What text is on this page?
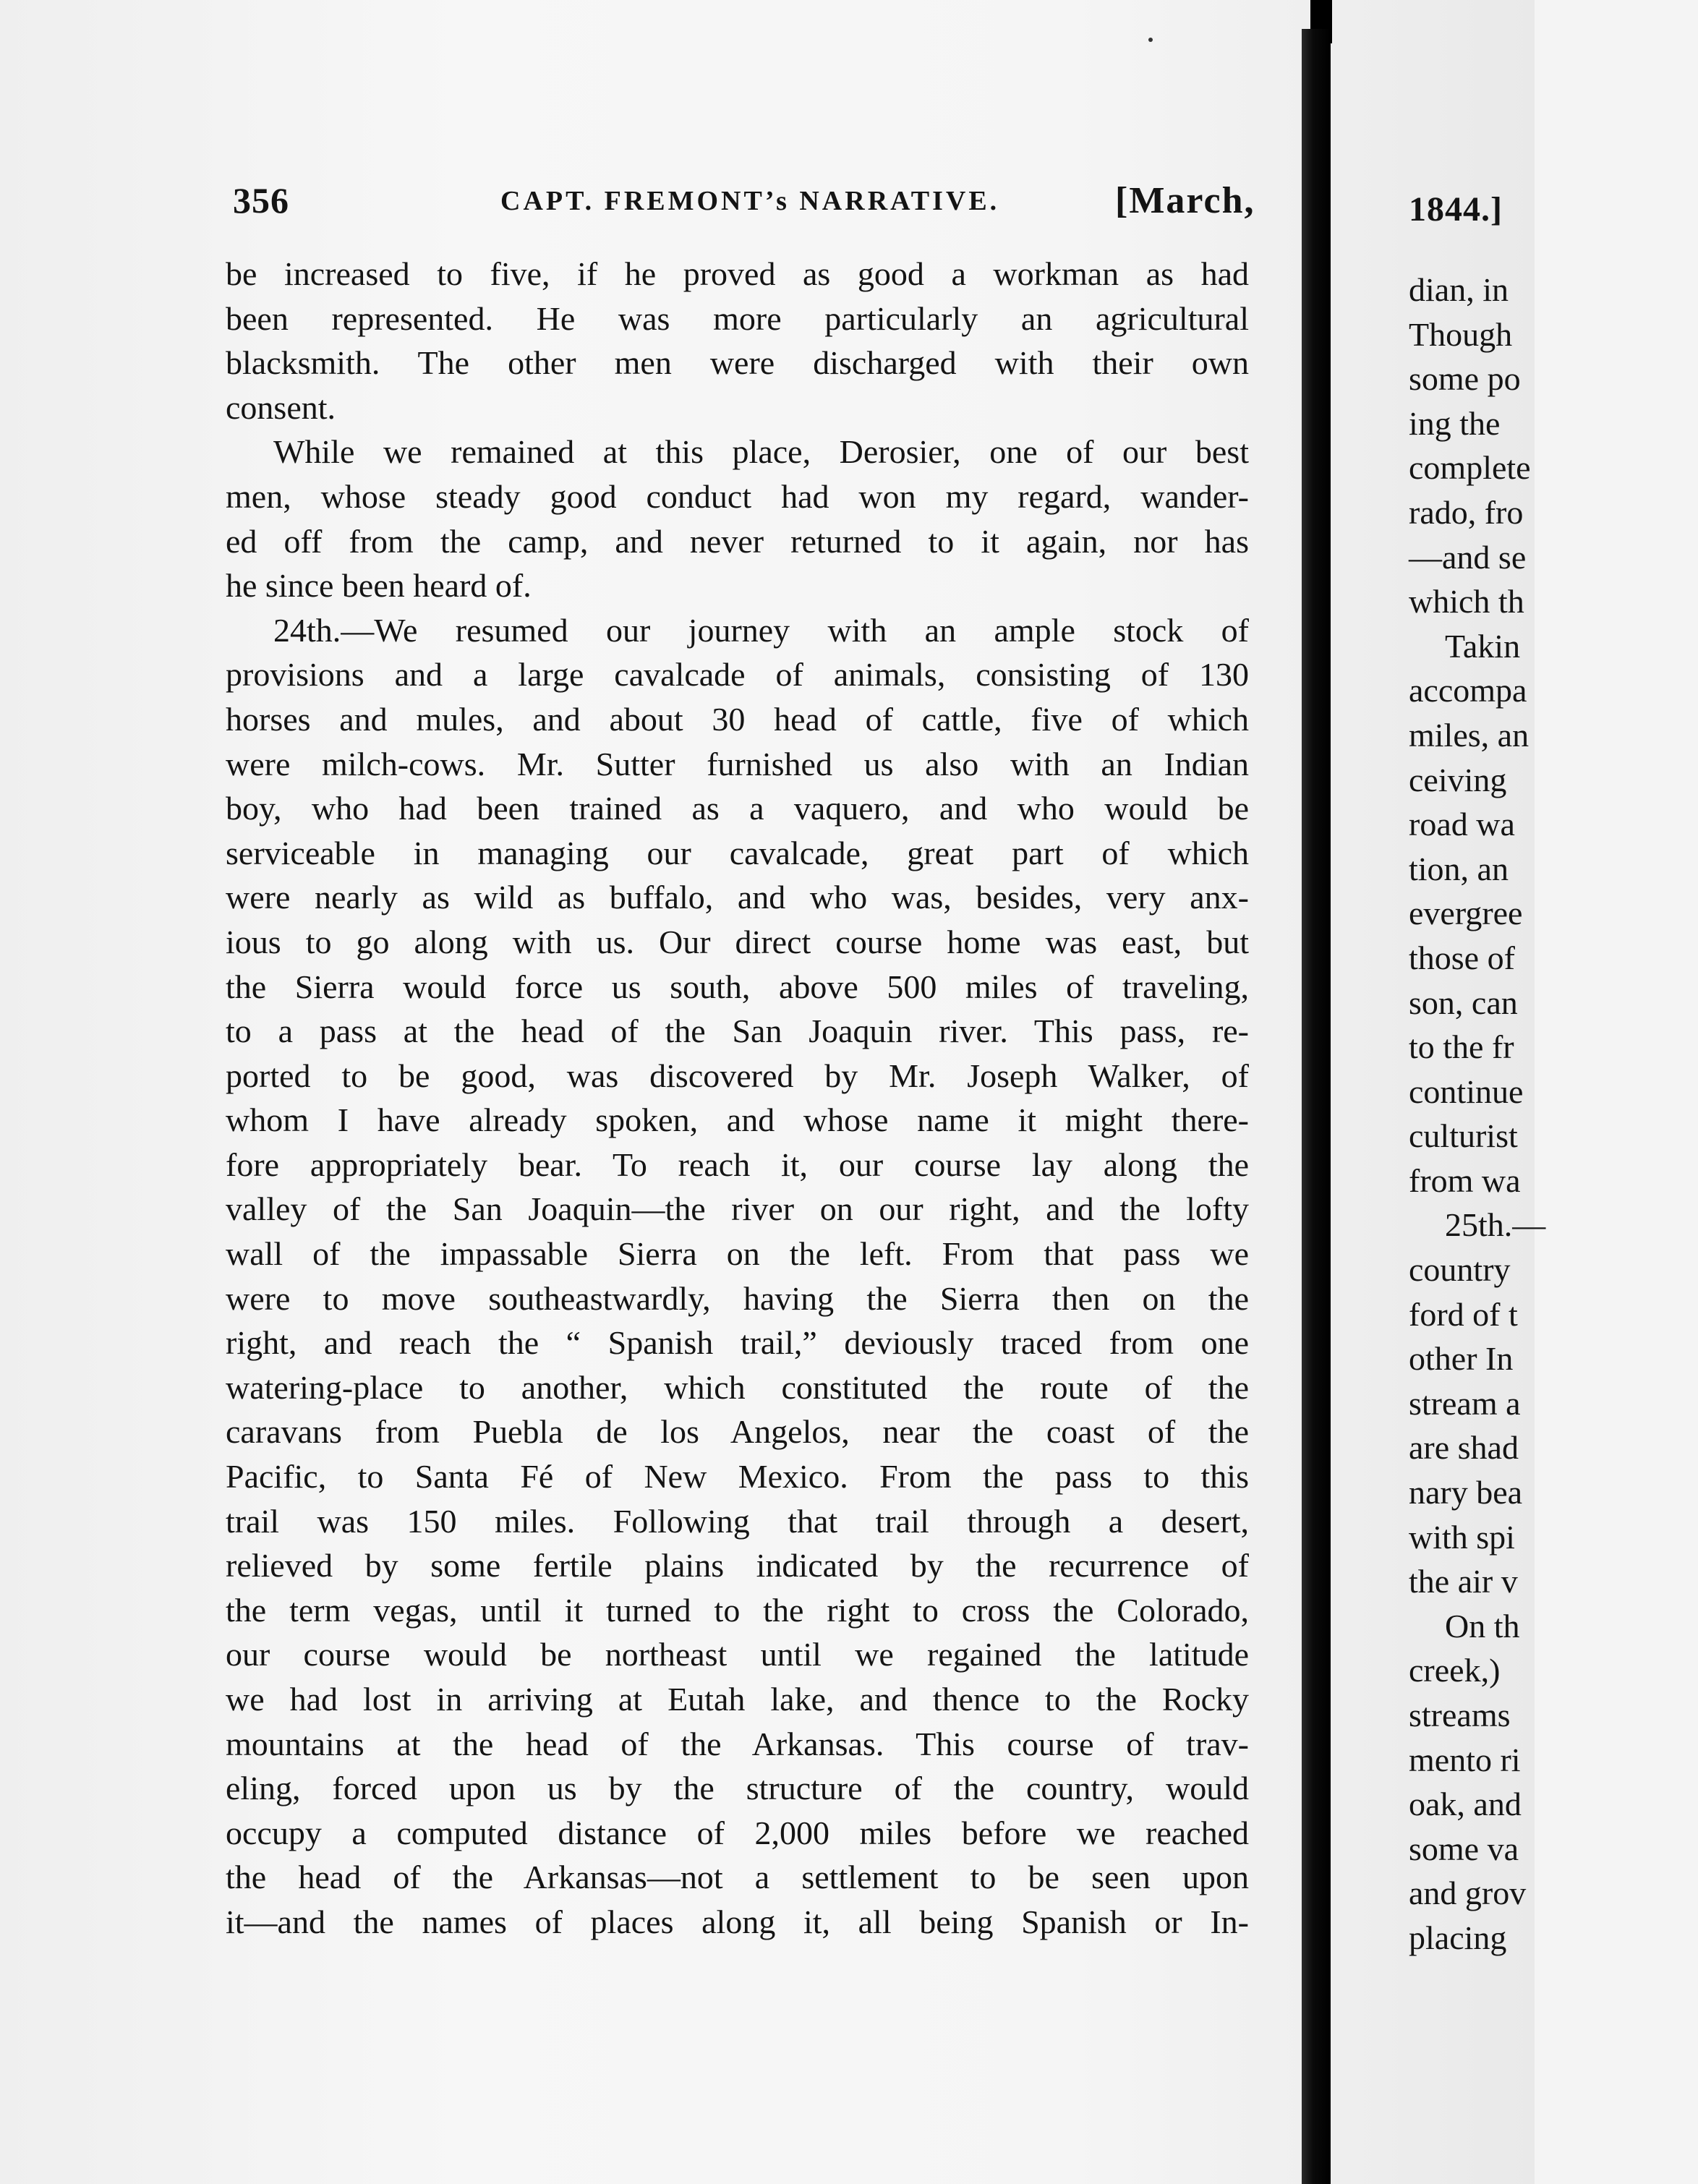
356	CAPT. FREMONT’s NARRATIVE.	[March,
be increased to five, if he proved as good a workman as had
been represented. He was more particularly an agricultural
blacksmith. The other men were discharged with their own
consent.
While we remained at this place, Derosier, one of our best
men, whose steady good conduct had won my regard, wander-
ed off from the camp, and never returned to it again, nor has
he since been heard of.
24th.—We resumed our journey with an ample stock of
provisions and a large cavalcade of animals, consisting of 130
horses and mules, and about 30 head of cattle, five of which
were milch-cows. Mr. Sutter furnished us also with an Indian
boy, who had been trained as a vaquero, and who would be
serviceable in managing our cavalcade, great part of which
were nearly as wild as buffalo, and who was, besides, very anx-
ious to go along with us. Our direct course home was east, but
the Sierra would force us south, above 500 miles of traveling,
to a pass at the head of the San Joaquin river. This pass, re-
ported to be good, was discovered by Mr. Joseph Walker, of
whom I have already spoken, and whose name it might there-
fore appropriately bear. To reach it, our course lay along the
valley of the San Joaquin—the river on our right, and the lofty
wall of the impassable Sierra on the left. From that pass we
were to move southeastwardly, having the Sierra then on the
right, and reach the “ Spanish trail,” deviously traced from one
watering-place to another, which constituted the route of the
caravans from Puebla de los Angelos, near the coast of the
Pacific, to Santa Fé of New Mexico. From the pass to this
trail was 150 miles. Following that trail through a desert,
relieved by some fertile plains indicated by the recurrence of
the term vegas, until it turned to the right to cross the Colorado,
our course would be northeast until we regained the latitude
we had lost in arriving at Eutah lake, and thence to the Rocky
mountains at the head of the Arkansas. This course of trav-
eling, forced upon us by the structure of the country, would
occupy a computed distance of 2,000 miles before we reached
the head of the Arkansas—not a settlement to be seen upon
it—and the names of places along it, all being Spanish or In-
1844.]
dian, in
Though
some po
ing the
complete
rado, fro
—and se
which th
Takin
accompa
miles, an
ceiving
road wa
tion, an
evergree
those of
son, can
to the fr
continue
culturist
from wa
25th.—
country
ford of t
other In
stream a
are shad
nary bea
with spi
the air v
On th
creek,)
streams
mento ri
oak, and
some va
and grov
placing
